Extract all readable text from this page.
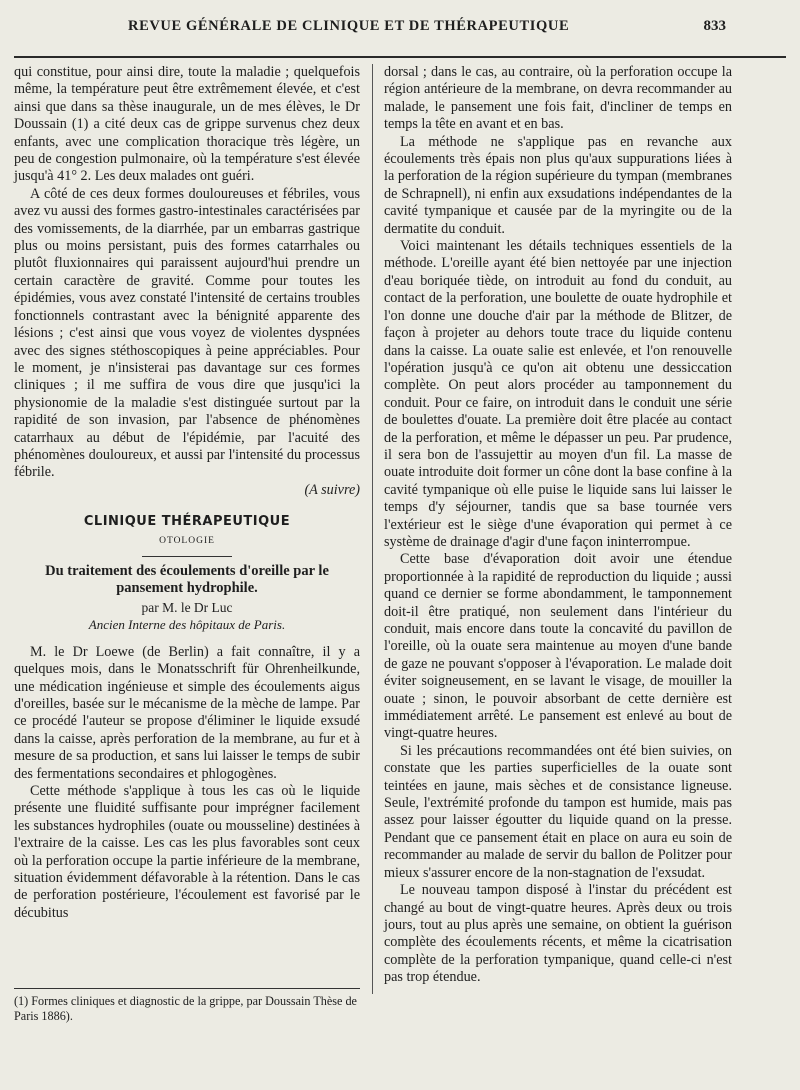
REVUE GÉNÉRALE DE CLINIQUE ET DE THÉRAPEUTIQUE	833

qui constitue, pour ainsi dire, toute la maladie ; quelquefois même, la température peut être extrêmement élevée, et c'est ainsi que dans sa thèse inaugurale, un de mes élèves, le Dr Doussain (1) a cité deux cas de grippe survenus chez deux enfants, avec une complication thoracique très légère, un peu de congestion pulmonaire, où la température s'est élevée jusqu'à 41° 2. Les deux malades ont guéri.

A côté de ces deux formes douloureuses et fébriles, vous avez vu aussi des formes gastro-intestinales caractérisées par des vomissements, de la diarrhée, par un embarras gastrique plus ou moins persistant, puis des formes catarrhales ou plutôt fluxionnaires qui paraissent aujourd'hui prendre un certain caractère de gravité. Comme pour toutes les épidémies, vous avez constaté l'intensité de certains troubles fonctionnels contrastant avec la bénignité apparente des lésions ; c'est ainsi que vous voyez de violentes dyspnées avec des signes stéthoscopiques à peine appréciables. Pour le moment, je n'insisterai pas davantage sur ces formes cliniques ; il me suffira de vous dire que jusqu'ici la physionomie de la maladie s'est distinguée surtout par la rapidité de son invasion, par l'absence de phénomènes catarrhaux au début de l'épidémie, par l'acuité des phénomènes douloureux, et aussi par l'intensité du processus fébrile.

(A suivre)

CLINIQUE THÉRAPEUTIQUE
OTOLOGIE
Du traitement des écoulements d'oreille par le pansement hydrophile.
par M. le Dr Luc
Ancien Interne des hôpitaux de Paris.

M. le Dr Loewe (de Berlin) a fait connaître, il y a quelques mois, dans le Monatsschrift für Ohrenheilkunde, une médication ingénieuse et simple des écoulements aigus d'oreilles, basée sur le mécanisme de la mèche de lampe. Par ce procédé l'auteur se propose d'éliminer le liquide exsudé dans la caisse, après perforation de la membrane, au fur et à mesure de sa production, et sans lui laisser le temps de subir des fermentations secondaires et phlogogènes.

Cette méthode s'applique à tous les cas où le liquide présente une fluidité suffisante pour imprégner facilement les substances hydrophiles (ouate ou mousseline) destinées à l'extraire de la caisse. Les cas les plus favorables sont ceux où la perforation occupe la partie inférieure de la membrane, situation évidemment défavorable à la rétention. Dans le cas de perforation postérieure, l'écoulement est favorisé par le décubitus

dorsal ; dans le cas, au contraire, où la perforation occupe la région antérieure de la membrane, on devra recommander au malade, le pansement une fois fait, d'incliner de temps en temps la tête en avant et en bas.

La méthode ne s'applique pas en revanche aux écoulements très épais non plus qu'aux suppurations liées à la perforation de la région supérieure du tympan (membranes de Schrapnell), ni enfin aux exsudations indépendantes de la cavité tympanique et causée par de la myringite ou de la dermatite du conduit.

Voici maintenant les détails techniques essentiels de la méthode. L'oreille ayant été bien nettoyée par une injection d'eau boriquée tiède, on introduit au fond du conduit, au contact de la perforation, une boulette de ouate hydrophile et l'on donne une douche d'air par la méthode de Blitzer, de façon à projeter au dehors toute trace du liquide contenu dans la caisse. La ouate salie est enlevée, et l'on renouvelle l'opération jusqu'à ce qu'on ait obtenu une dessiccation complète. On peut alors procéder au tamponnement du conduit. Pour ce faire, on introduit dans le conduit une série de boulettes d'ouate. La première doit être placée au contact de la perforation, et même le dépasser un peu. Par prudence, il sera bon de l'assujettir au moyen d'un fil. La masse de ouate introduite doit former un cône dont la base confine à la cavité tympanique où elle puise le liquide sans lui laisser le temps d'y séjourner, tandis que sa base tournée vers l'extérieur est le siège d'une évaporation qui permet à ce système de drainage d'agir d'une façon ininterrompue.

Cette base d'évaporation doit avoir une étendue proportionnée à la rapidité de reproduction du liquide ; aussi quand ce dernier se forme abondamment, le tamponnement doit-il être pratiqué, non seulement dans l'intérieur du conduit, mais encore dans toute la concavité du pavillon de l'oreille, où la ouate sera maintenue au moyen d'une bande de gaze ne pouvant s'opposer à l'évaporation. Le malade doit éviter soigneusement, en se lavant le visage, de mouiller la ouate ; sinon, le pouvoir absorbant de cette dernière est immédiatement arrêté. Le pansement est enlevé au bout de vingt-quatre heures.

Si les précautions recommandées ont été bien suivies, on constate que les parties superficielles de la ouate sont teintées en jaune, mais sèches et de consistance ligneuse. Seule, l'extrémité profonde du tampon est humide, mais pas assez pour laisser égoutter du liquide quand on la presse. Pendant que ce pansement était en place on aura eu soin de recommander au malade de servir du ballon de Politzer pour mieux s'assurer encore de la non-stagnation de l'exsudat.

Le nouveau tampon disposé à l'instar du précédent est changé au bout de vingt-quatre heures. Après deux ou trois jours, tout au plus après une semaine, on obtient la guérison complète des écoulements récents, et même la cicatrisation complète de la perforation tympanique, quand celle-ci n'est pas trop étendue.

(1) Formes cliniques et diagnostic de la grippe, par Doussain Thèse de Paris 1886).
